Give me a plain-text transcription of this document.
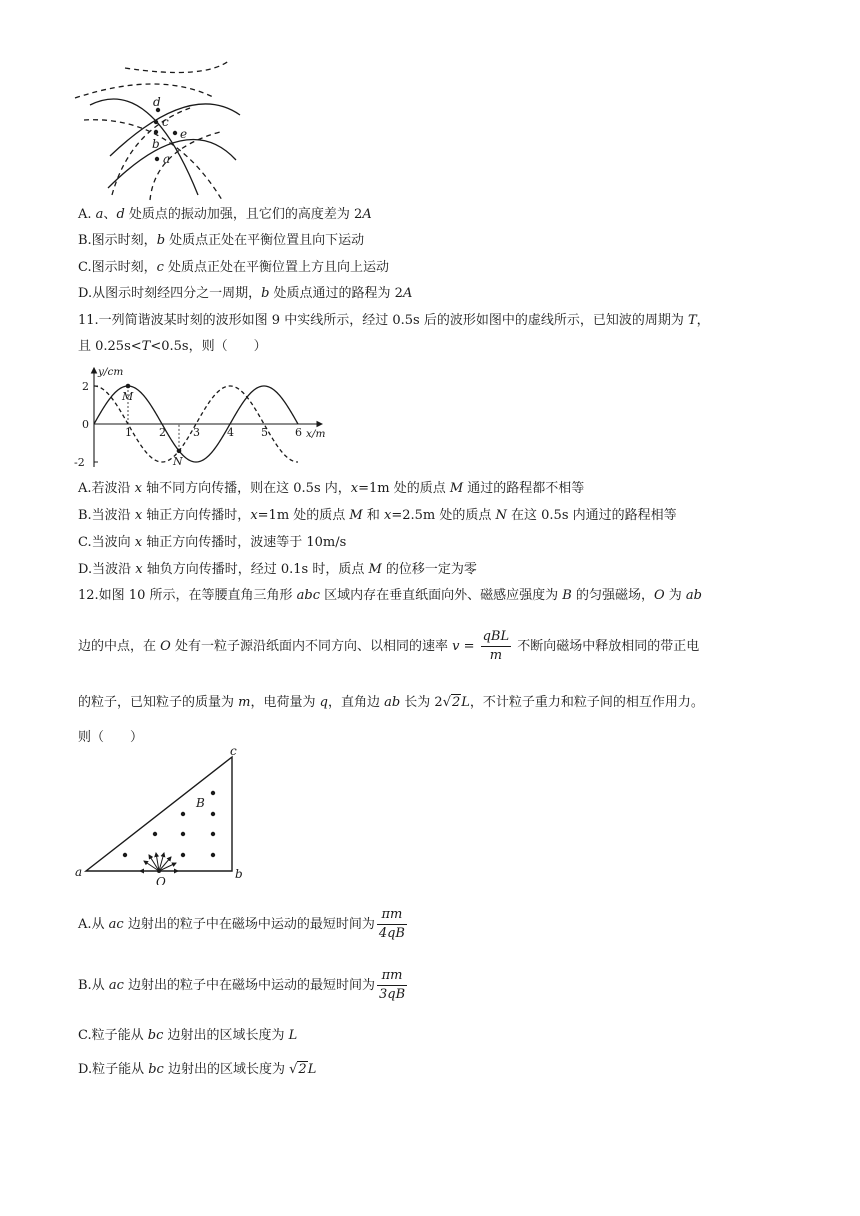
d
c
e
b
a
A. a、d 处质点的振动加强，且它们的高度差为 2A
B.图示时刻，b 处质点正处在平衡位置且向下运动
C.图示时刻，c 处质点正处在平衡位置上方且向上运动
D.从图示时刻经四分之一周期，b 处质点通过的路程为 2A
11.一列简谐波某时刻的波形如图 9 中实线所示，经过 0.5s 后的波形如图中的虚线所示，已知波的周期为 T，
且 0.25s<T<0.5s，则（　　）
1 2 3 4 5 6
2
-2
M
N
y/cm
x/m
0
A.若波沿 x 轴不同方向传播，则在这 0.5s 内，x=1m 处的质点 M 通过的路程都不相等
B.当波沿 x 轴正方向传播时，x=1m 处的质点 M 和 x=2.5m 处的质点 N 在这 0.5s 内通过的路程相等
C.当波向 x 轴正方向传播时，波速等于 10m/s
D.当波沿 x 轴负方向传播时，经过 0.1s 时，质点 M 的位移一定为零
12.如图 10 所示，在等腰直角三角形 abc 区域内存在垂直纸面向外、磁感应强度为 B 的匀强磁场，O 为 ab
边的中点，在 O 处有一粒子源沿纸面内不同方向、以相同的速率 $v = \frac{\text{qBL}}{m}$ 不断向磁场中释放相同的带正电
的粒子，已知粒子的质量为 m，电荷量为 q，直角边 ab 长为 2√2L，不计粒子重力和粒子间的相互作用力。
则（　　）
a	b
c
O
B
A.从 ac 边射出的粒子中在磁场中运动的最短时间为 $\frac{\pi m}{4qB}$
B.从 ac 边射出的粒子中在磁场中运动的最短时间为 $\frac{\pi m}{3qB}$
C.粒子能从 bc 边射出的区域长度为 L
D.粒子能从 bc 边射出的区域长度为 √2L
